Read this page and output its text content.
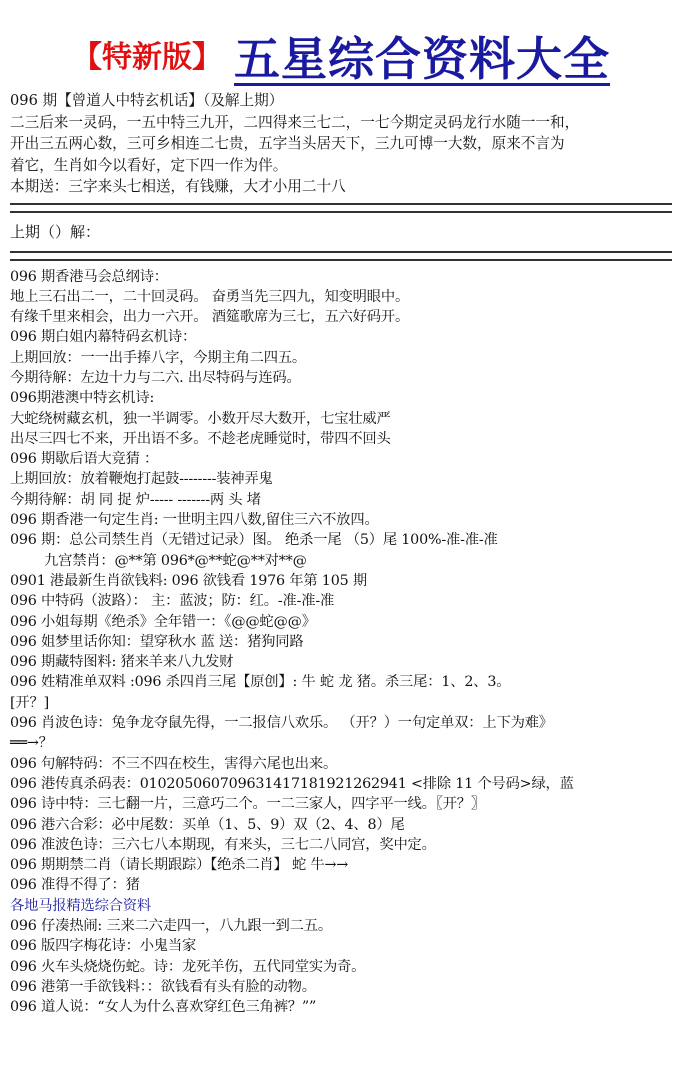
【特新版】 五星综合资料大全

096 期【曾道人中特玄机话】（及解上期）

二三后来一灵码，一五中特三九开，二四得来三七二，一七今期定灵码龙行水随一一和，

开出三五两心数，三可乡相连二七贵，五字当头居天下，三九可博一大数，原来不言为

着它，生肖如今以看好，定下四一作为伴。

本期送：三字来头七相送，有钱赚，大才小用二十八

上期（）解：

096 期香港马会总纲诗：

地上三石出二一，二十回灵码。 奋勇当先三四九，知变明眼中。

有缘千里来相会，出力一六开。 酒筵歌席为三七，五六好码开。

096 期白姐内幕特码玄机诗：

上期回放：一一出手捧八字，今期主角二四五。

今期待解：左边十力与二六. 出尽特码与连码。

096期港澳中特玄机诗:

大蛇绕树藏玄机，独一半调零。小数开尽大数开，七宝壮威严

出尽三四七不来，开出语不多。不趁老虎睡觉时，带四不回头

096 期歇后语大竞猜 ：

上期回放：放着鞭炮打起鼓--------装神弄鬼

今期待解：胡 同 捉 炉----- -------两 头 堵

096 期香港一句定生肖: 一世明主四八数,留住三六不放四。

096 期：总公司禁生肖（无错过记录）图。 绝杀一尾 （5）尾 100%-准-准-准

九宫禁肖：@**第 096*@**蛇@**对**@

0901 港最新生肖欲钱料: 096 欲钱看 1976 年第 105 期

096 中特码（波路）： 主：蓝波；防：红。-准-准-准

096 小姐每期《绝杀》全年错一：《@@蛇@@》

096 姐梦里话你知：望穿秋水 蓝 送：猪狗同路

096 期藏特图料: 猪来羊来八九发财

096 姓精准单双料 :096 杀四肖三尾【原创】: 牛 蛇 龙 猪。杀三尾：1、2、3。

[开？]

096 肖波色诗：兔争龙夺鼠先得，一二报信八欢乐。 （开？）一句定单双：上下为难》

══→？

096 句解特码：不三不四在校生，害得六尾也出来。

096 港传真杀码表：010205060709631417181921262941 <排除 11 个号码>绿，蓝

096 诗中特：三七翻一片，三意巧二个。一二三家人，四字平一线。〖开？〗

096 港六合彩：必中尾数：买单（1、5、9）双（2、4、8）尾

096 准波色诗：三六七八本期现，有来头，三七二八同宫，奖中定。

096 期期禁二肖（请长期跟踪）【绝杀二肖】 蛇 牛→→

096 准得不得了：猪

各地马报精选综合资料

096 仔凑热闹: 三来二六走四一，八九跟一到二五。

096 版四字梅花诗：小鬼当家

096 火车头烧烧伤蛇。诗：龙死羊伤，五代同堂实为奇。

096 港第一手欲钱料：：欲钱看有头有脸的动物。

096 道人说：“女人为什么喜欢穿红色三角裤？””
